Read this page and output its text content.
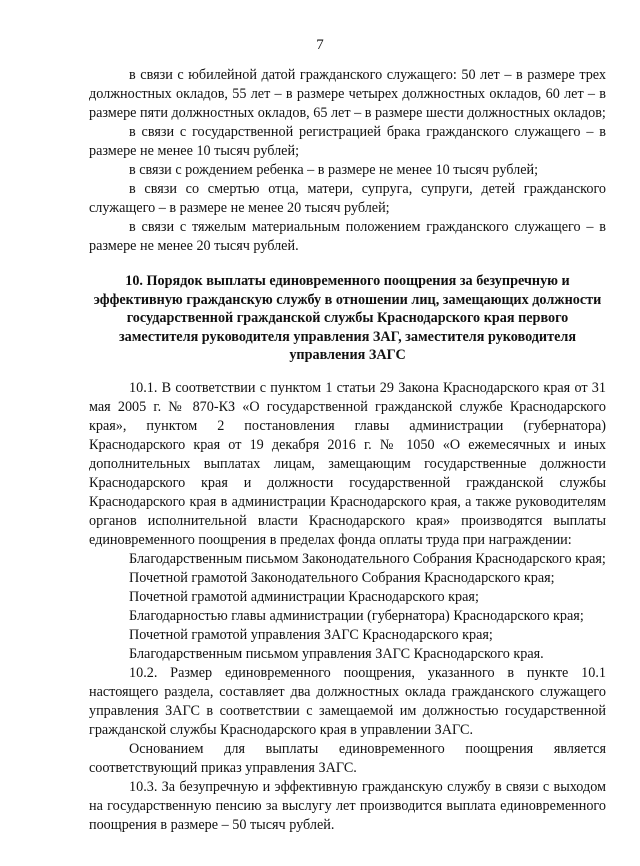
7

в связи с юбилейной датой гражданского служащего: 50 лет – в размере трех должностных окладов, 55 лет – в размере четырех должностных окладов, 60 лет – в размере пяти должностных окладов, 65 лет – в размере шести должностных окладов;

в связи с государственной регистрацией брака гражданского служащего – в размере не менее 10 тысяч рублей;

в связи с рождением ребенка – в размере не менее 10 тысяч рублей;

в связи со смертью отца, матери, супруга, супруги, детей гражданского служащего – в размере не менее 20 тысяч рублей;

в связи с тяжелым материальным положением гражданского служащего – в размере не менее 20 тысяч рублей.

10. Порядок выплаты единовременного поощрения за безупречную и эффективную гражданскую службу в отношении лиц, замещающих должности государственной гражданской службы Краснодарского края первого заместителя руководителя управления ЗАГ, заместителя руководителя управления ЗАГС

10.1. В соответствии с пунктом 1 статьи 29 Закона Краснодарского края от 31 мая 2005 г. № 870-КЗ «О государственной гражданской службе Краснодарского края», пунктом 2 постановления главы администрации (губернатора) Краснодарского края от 19 декабря 2016 г. № 1050 «О ежемесячных и иных дополнительных выплатах лицам, замещающим государственные должности Краснодарского края и должности государственной гражданской службы Краснодарского края в администрации Краснодарского края, а также руководителям органов исполнительной власти Краснодарского края» производятся выплаты единовременного поощрения в пределах фонда оплаты труда при награждении:

Благодарственным письмом Законодательного Собрания Краснодарского края;

Почетной грамотой Законодательного Собрания Краснодарского края;

Почетной грамотой администрации Краснодарского края;

Благодарностью главы администрации (губернатора) Краснодарского края;

Почетной грамотой управления ЗАГС Краснодарского края;

Благодарственным письмом управления ЗАГС Краснодарского края.

10.2. Размер единовременного поощрения, указанного в пункте 10.1 настоящего раздела, составляет два должностных оклада гражданского служащего управления ЗАГС в соответствии с замещаемой им должностью государственной гражданской службы Краснодарского края в управлении ЗАГС.

Основанием для выплаты единовременного поощрения является соответствующий приказ управления ЗАГС.

10.3. За безупречную и эффективную гражданскую службу в связи с выходом на государственную пенсию за выслугу лет производится выплата единовременного поощрения в размере – 50 тысяч рублей.
